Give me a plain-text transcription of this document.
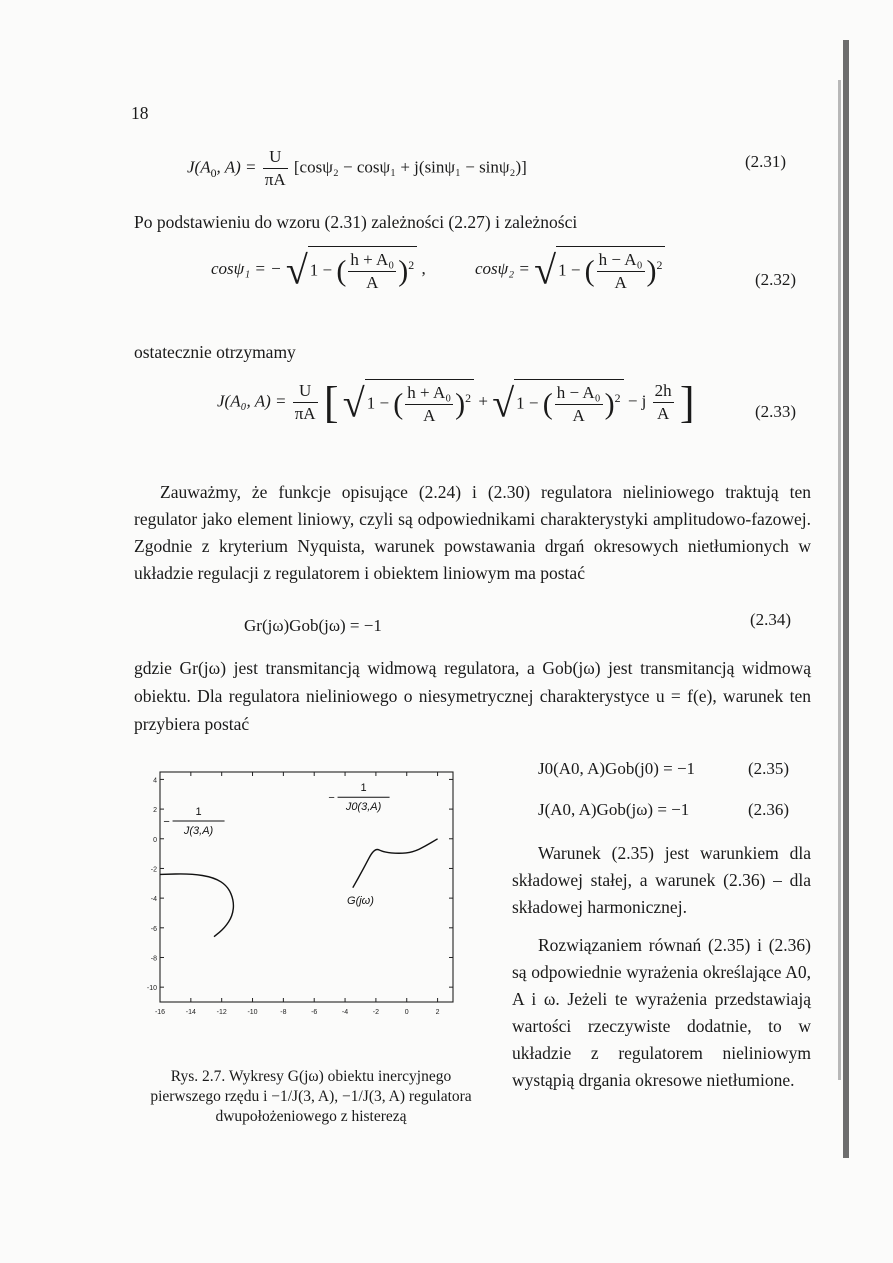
18
$J(A_0$, $A) = \frac{U}{\pi A} [\cos\psi_2 - \cos\psi_1 + j(\sin\psi_1 - \sin\psi_2)]$	(2.31)
Po podstawieniu do wzoru (2.31) zależności (2.27) i zależności
cosψ₁ = − √ 1 − ( $\frac{\text{h + A₀}}{A} )^2$ ,	cosψ₂ = √ 1 − ( $\frac{\text{h − A₀}}{A} )^2$
(2.32)
ostatecznie otrzymamy
J(A₀, $A) = \frac{U}{\pi A}$ [ √ 1 − ( $\frac{\text{h + A₀}}{A} )^2$ + √ 1 − ( $\frac{\text{h − A₀}}{A} )^2 - j \frac{2h}{A}$ ]	(2.33)
Zauważmy, że funkcje opisujące (2.24) i (2.30) regulatora nieliniowego traktują ten regulator jako element liniowy, czyli są odpowiednikami charakterystyki amplitudowo-fazowej. Zgodnie z kryterium Nyquista, warunek powstawania drgań okresowych nietłumionych w układzie regulacji z regulatorem i obiektem liniowym ma postać
Gr(jω)Gob(jω) = −1	(2.34)
gdzie Gr(jω) jest transmitancją widmową regulatora, a Gob(jω) jest transmitancją widmową obiektu. Dla regulatora nieliniowego o niesymetrycznej charakterystyce u = f(e), warunek ten przybiera postać
J0(A0, A)Gob(j0) = −1	(2.35)
J(A0, A)Gob(jω) = −1	(2.36)
Warunek (2.35) jest warunkiem dla składowej stałej, a warunek (2.36) – dla składowej harmonicznej.
Rozwiązaniem równań (2.35) i (2.36) są odpowiednie wyrażenia określające A0, A i ω. Jeżeli te wyrażenia przedstawiają wartości rzeczywiste dodatnie, to w układzie z regulatorem nieliniowym wystąpią drgania okresowe nietłumione.
-16	-14	-12	-10	-8	-6	-4	-2	0	2
4
2
0
-2
-4
-6
-8
-10
1
−
J(3,A)
1
−
J0(3,A)
G(jω)
Rys. 2.7. Wykresy G(jω) obiektu inercyjnego pierwszego rzędu i −1/J(3, A), −1/J(3, A) regulatora dwupołożeniowego z histerezą
